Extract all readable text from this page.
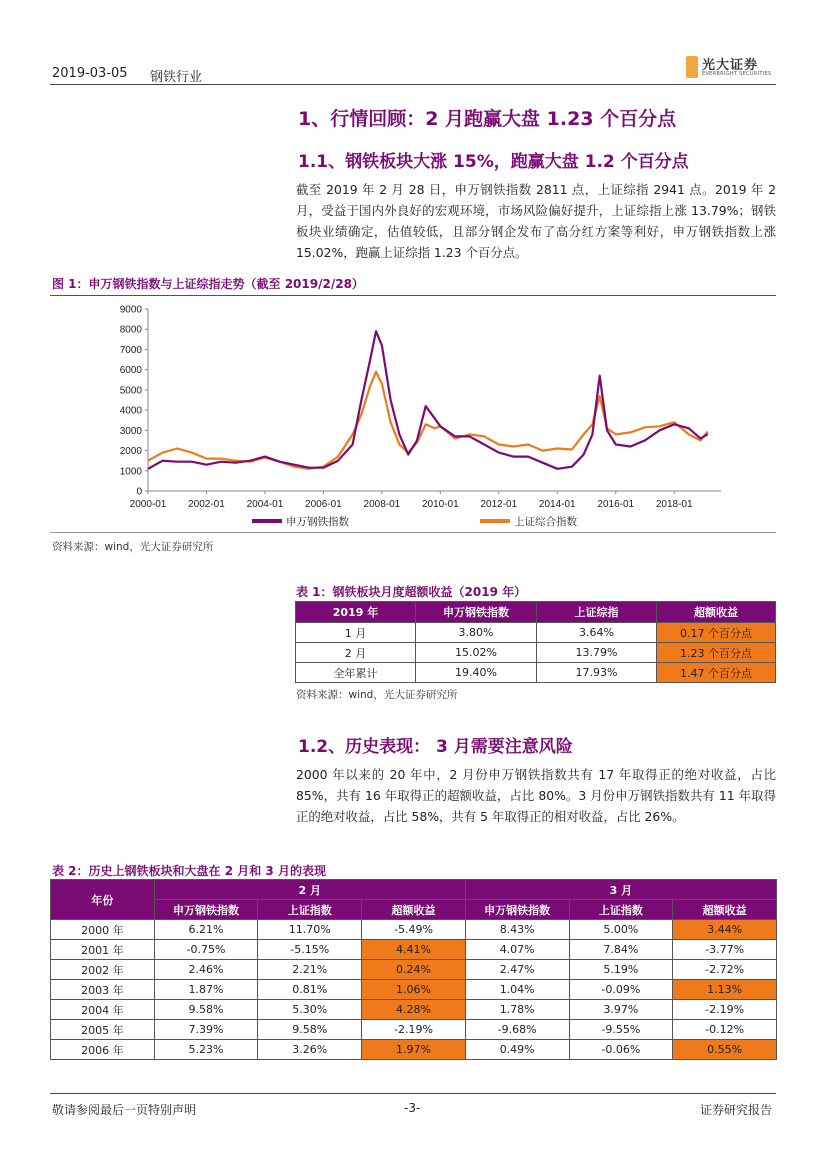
2019-03-05 钢铁行业
光大证券
EVERBRIGHT SECURITIES
1、行情回顾：2 月跑赢大盘 1.23 个百分点
1.1、钢铁板块大涨 15%，跑赢大盘 1.2 个百分点
截至 2019 年 2 月 28 日，申万钢铁指数 2811 点，上证综指 2941 点。2019 年 2 月，受益于国内外良好的宏观环境，市场风险偏好提升，上证综指上涨 13.79%；钢铁板块业绩确定，估值较低，且部分钢企发布了高分红方案等利好，申万钢铁指数上涨 15.02%，跑赢上证综指 1.23 个百分点。
图 1：申万钢铁指数与上证综指走势（截至 2019/2/28）
0
1000
2000
3000
4000
5000
6000
7000
8000
9000
2000-01 2002-01 2004-01 2006-01 2008-01 2010-01 2012-01 2014-01 2016-01 2018-01
申万钢铁指数	上证综合指数
资料来源：wind，光大证券研究所
表 1：钢铁板块月度超额收益（2019 年）
2019 年	申万钢铁指数	上证综指	超额收益
1 月	3.80%	3.64%	0.17 个百分点
2 月	15.02%	13.79%	1.23 个百分点
全年累计	19.40%	17.93%	1.47 个百分点
资料来源：wind，光大证券研究所
1.2、历史表现： 3 月需要注意风险
2000 年以来的 20 年中，2 月份申万钢铁指数共有 17 年取得正的绝对收益，占比 85%，共有 16 年取得正的超额收益，占比 80%。3 月份申万钢铁指数共有 11 年取得正的绝对收益，占比 58%，共有 5 年取得正的相对收益，占比 26%。
表 2：历史上钢铁板块和大盘在 2 月和 3 月的表现
年份	2 月			3 月		
	申万钢铁指数	上证指数	超额收益	申万钢铁指数	上证指数	超额收益
2000 年	6.21%	11.70%	-5.49%	8.43%	5.00%	3.44%
2001 年	-0.75%	-5.15%	4.41%	4.07%	7.84%	-3.77%
2002 年	2.46%	2.21%	0.24%	2.47%	5.19%	-2.72%
2003 年	1.87%	0.81%	1.06%	1.04%	-0.09%	1.13%
2004 年	9.58%	5.30%	4.28%	1.78%	3.97%	-2.19%
2005 年	7.39%	9.58%	-2.19%	-9.68%	-9.55%	-0.12%
2006 年	5.23%	3.26%	1.97%	0.49%	-0.06%	0.55%
敬请参阅最后一页特别声明	-3-	证券研究报告
